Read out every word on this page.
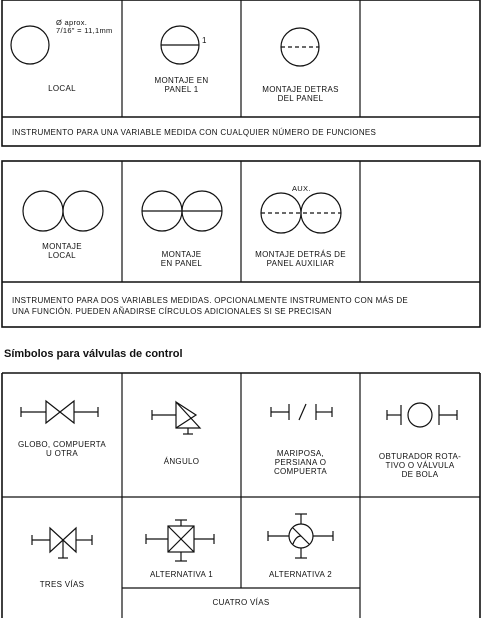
Ø aprox.
7/16" = 11,1mm
1
LOCAL
MONTAJE EN
PANEL 1	MONTAJE DETRAS
DEL PANEL
INSTRUMENTO PARA UNA VARIABLE MEDIDA CON CUALQUIER NÚMERO DE FUNCIONES
AUX.
MONTAJE
LOCAL	MONTAJE
EN PANEL
MONTAJE DETRÁS DE
PANEL AUXILIAR
INSTRUMENTO PARA DOS VARIABLES MEDIDAS. OPCIONALMENTE INSTRUMENTO CON MÁS DE
UNA FUNCIÓN. PUEDEN AÑADIRSE CÍRCULOS ADICIONALES SI SE PRECISAN
Símbolos para válvulas de control
GLOBO, COMPUERTA
U OTRA
ÁNGULO
MARIPOSA,
PERSIANA O
COMPUERTA
OBTURADOR ROTA-
TIVO O VÁLVULA
DE BOLA
TRES VÍAS
ALTERNATIVA 1	ALTERNATIVA 2
CUATRO VÍAS
